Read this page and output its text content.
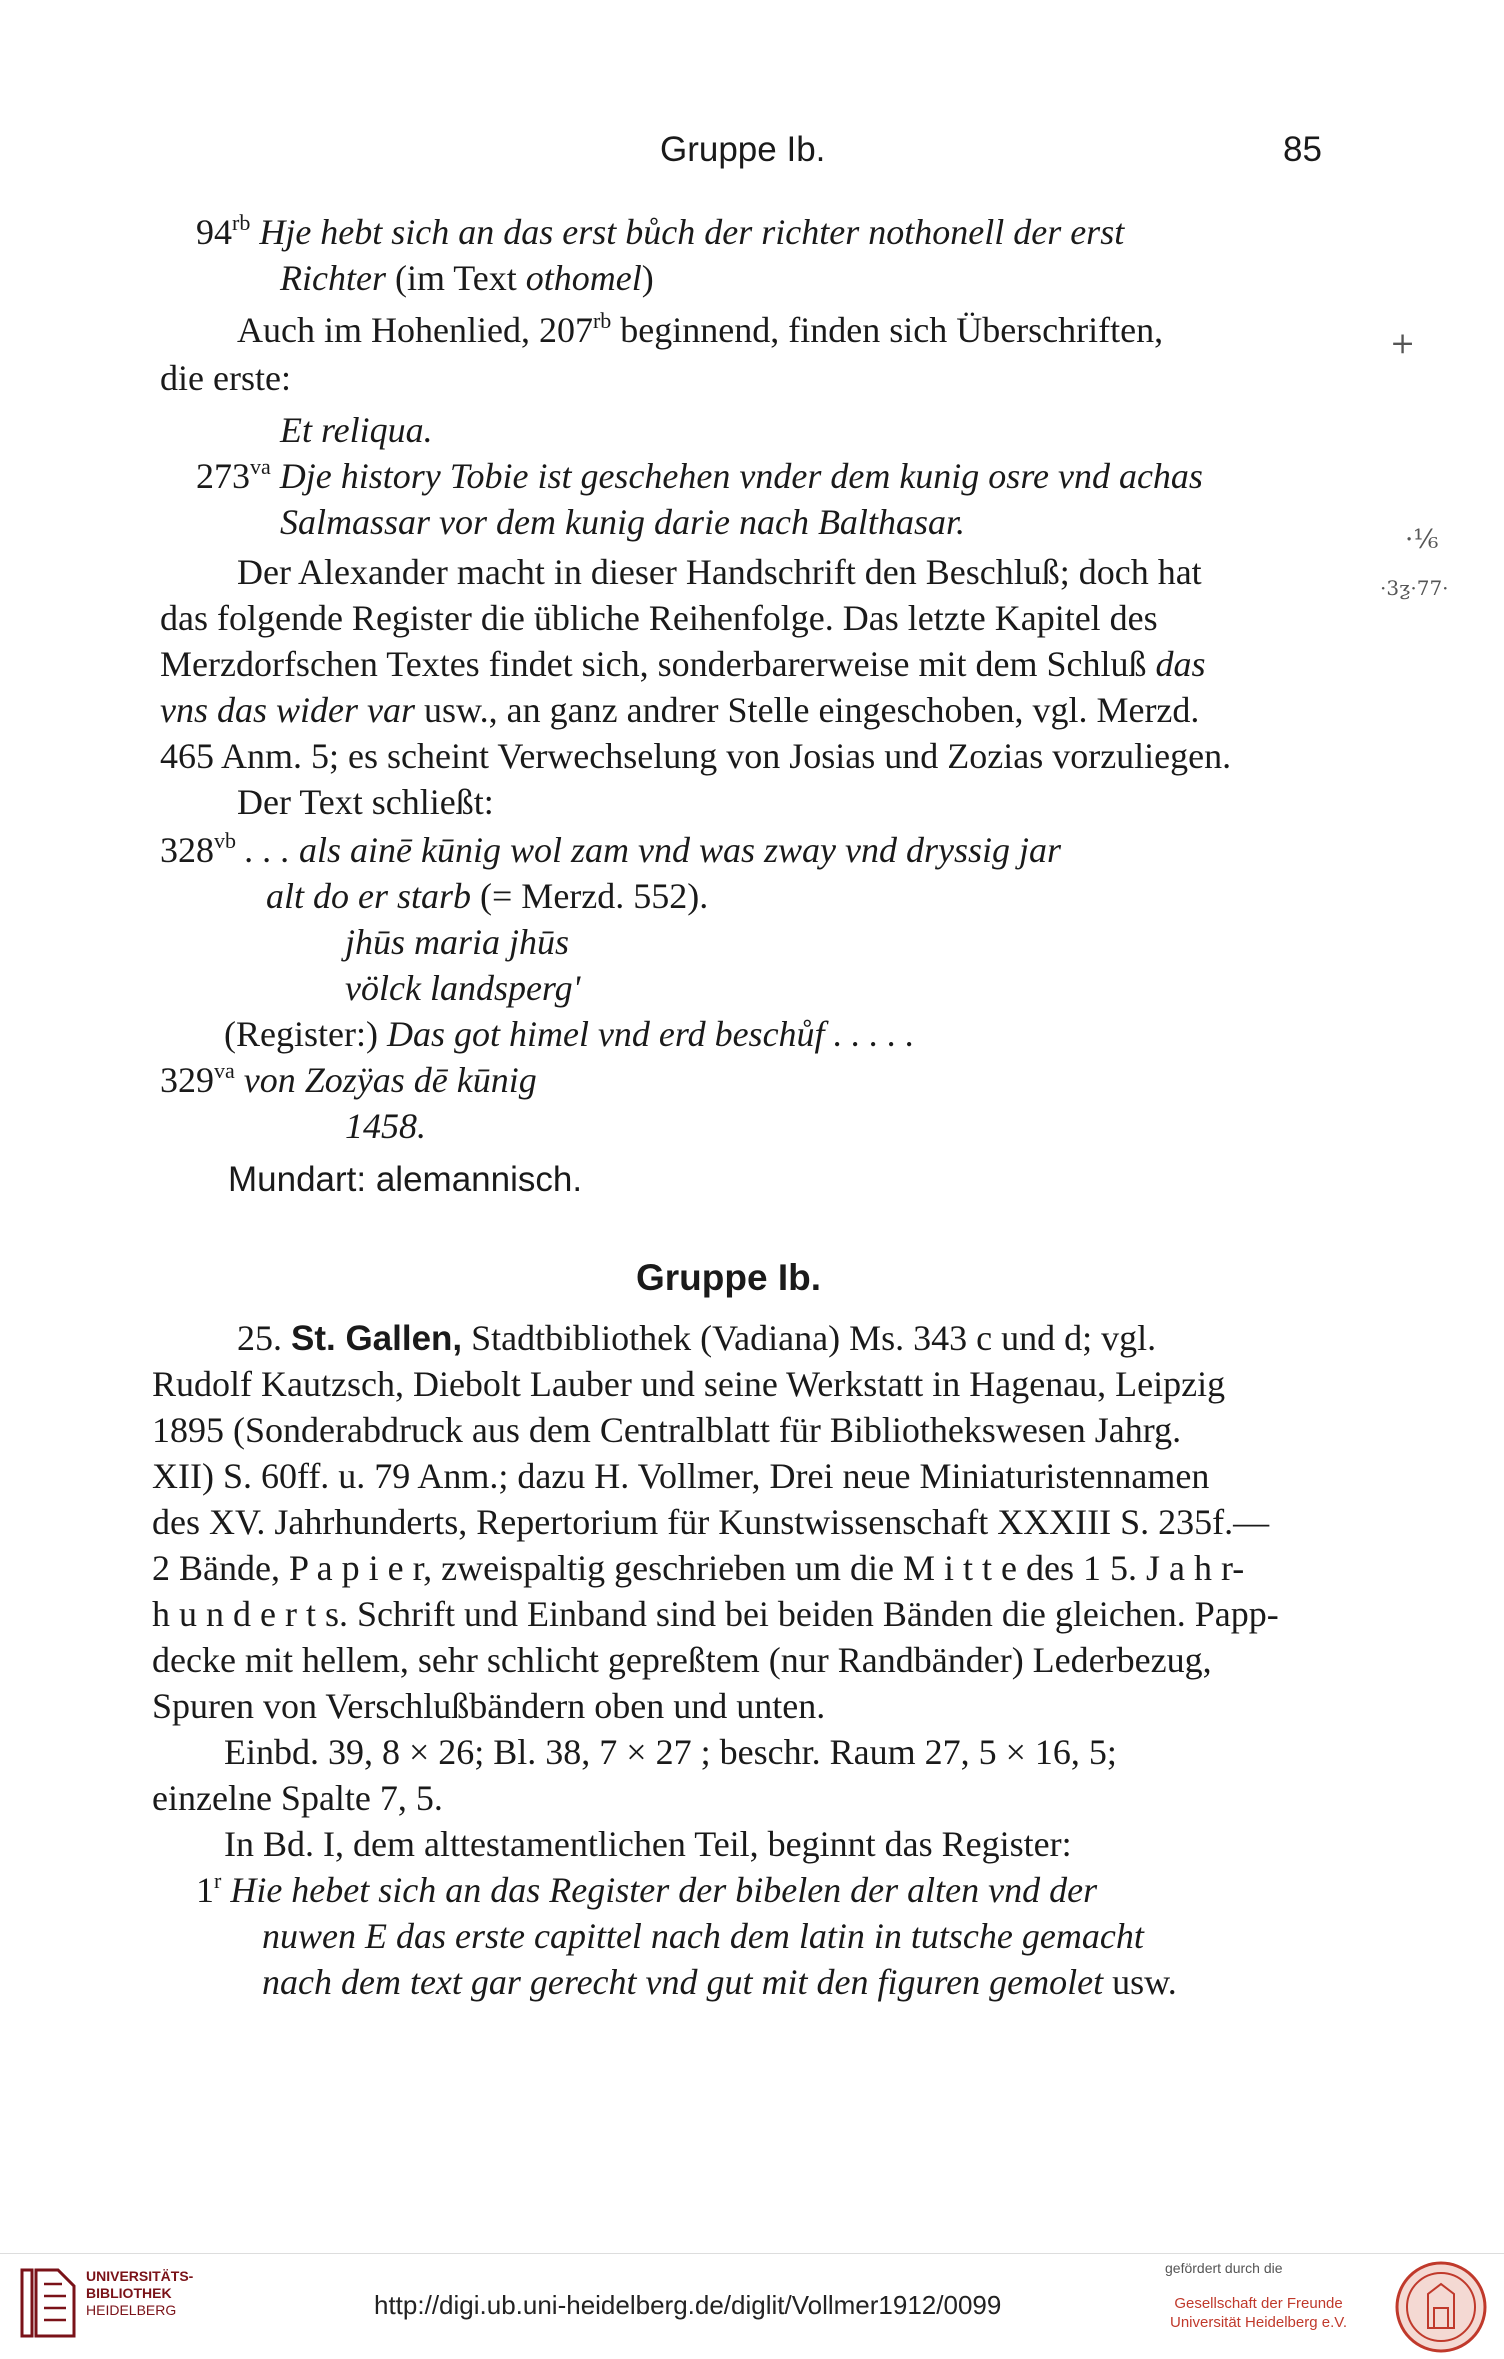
Gruppe Ib.	85
$94^{rb}$ Hje hebt sich an das erst bůch der richter nothonell der erst
Richter (im Text othomel)
Auch im Hohenlied, $207^{rb}$ beginnend, finden sich Überschriften,
die erste:
Et reliqua.
$273^{va}$ Dje history Tobie ist geschehen vnder dem kunig osre vnd achas
Salmassar vor dem kunig darie nach Balthasar.
Der Alexander macht in dieser Handschrift den Beschluß; doch hat
das folgende Register die übliche Reihenfolge. Das letzte Kapitel des
Merzdorfschen Textes findet sich, sonderbarerweise mit dem Schluß das
vns das wider var usw., an ganz andrer Stelle eingeschoben, vgl. Merzd.
465 Anm. 5; es scheint Verwechselung von Josias und Zozias vorzuliegen.
Der Text schließt:
$328^{vb}$ . . . als ainē kūnig wol zam vnd was zway vnd dryssig jar
alt do er starb (= Merzd. 552).
jhūs maria jhūs
völck landsperg'
(Register:) Das got himel vnd erd beschůf . . . . .
$329^{va}$ von Zozÿas dē kūnig
1458.
Mundart: alemannisch.
Gruppe Ib.
25. St. Gallen, Stadtbibliothek (Vadiana) Ms. 343 c und d; vgl.
Rudolf Kautzsch, Diebolt Lauber und seine Werkstatt in Hagenau, Leipzig
1895 (Sonderabdruck aus dem Centralblatt für Bibliothekswesen Jahrg.
XII) S. 60ff. u. 79 Anm.; dazu H. Vollmer, Drei neue Miniaturistennamen
des XV. Jahrhunderts, Repertorium für Kunstwissenschaft XXXIII S. 235f.—
2 Bände, P a p i e r, zweispaltig geschrieben um die M i t t e des 1 5. J a h r-
h u n d e r t s. Schrift und Einband sind bei beiden Bänden die gleichen. Papp-
decke mit hellem, sehr schlicht gepreßtem (nur Randbänder) Lederbezug,
Spuren von Verschlußbändern oben und unten.
Einbd. 39, 8 × 26; Bl. 38, 7 × 27 ; beschr. Raum 27, 5 × 16, 5;
einzelne Spalte 7, 5.
In Bd. I, dem alttestamentlichen Teil, beginnt das Register:
1$^r$ Hie hebet sich an das Register der bibelen der alten vnd der
nuwen E das erste capittel nach dem latin in tutsche gemacht
nach dem text gar gerecht vnd gut mit den figuren gemolet usw.
+
·¹⁄₆
·3ƺ·77·
UNIVERSITÄTS-
BIBLIOTHEK
HEIDELBERG	http://digi.ub.uni-heidelberg.de/diglit/Vollmer1912/0099
gefördert durch die
Gesellschaft der Freunde
Universität Heidelberg e.V.
